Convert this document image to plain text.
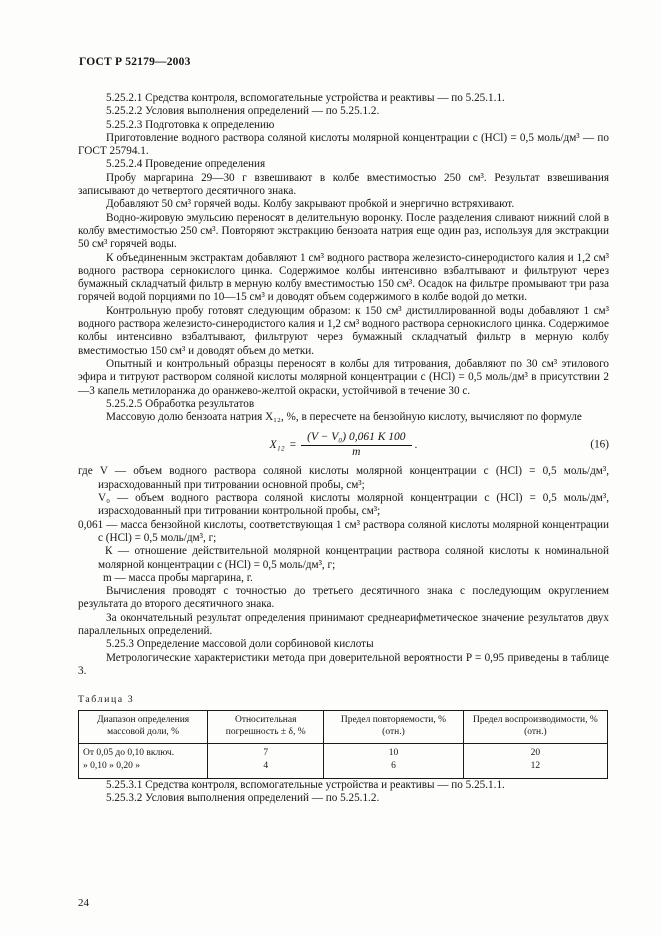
ГОСТ Р 52179—2003

5.25.2.1 Средства контроля, вспомогательные устройства и реактивы — по 5.25.1.1.

5.25.2.2 Условия выполнения определений — по 5.25.1.2.

5.25.2.3 Подготовка к определению

Приготовление водного раствора соляной кислоты молярной концентрации с (HCl) = 0,5 моль/дм³ — по ГОСТ 25794.1.

5.25.2.4 Проведение определения

Пробу маргарина 29—30 г взвешивают в колбе вместимостью 250 см³. Результат взвешивания записывают до четвертого десятичного знака.

Добавляют 50 см³ горячей воды. Колбу закрывают пробкой и энергично встряхивают.

Водно-жировую эмульсию переносят в делительную воронку. После разделения сливают нижний слой в колбу вместимостью 250 см³. Повторяют экстракцию бензоата натрия еще один раз, используя для экстракции 50 см³ горячей воды.

К объединенным экстрактам добавляют 1 см³ водного раствора железисто-синеродистого калия и 1,2 см³ водного раствора сернокислого цинка. Содержимое колбы интенсивно взбалтывают и фильтруют через бумажный складчатый фильтр в мерную колбу вместимостью 150 см³. Осадок на фильтре промывают три раза горячей водой порциями по 10—15 см³ и доводят объем содержимого в колбе водой до метки.

Контрольную пробу готовят следующим образом: к 150 см³ дистиллированной воды добавляют 1 см³ водного раствора железисто-синеродистого калия и 1,2 см³ водного раствора сернокислого цинка. Содержимое колбы интенсивно взбалтывают, фильтруют через бумажный складчатый фильтр в мерную колбу вместимостью 150 см³ и доводят объем до метки.

Опытный и контрольный образцы переносят в колбы для титрования, добавляют по 30 см³ этилового эфира и титруют раствором соляной кислоты молярной концентрации с (HCl) = 0,5 моль/дм³ в присутствии 2—3 капель метилоранжа до оранжево-желтой окраски, устойчивой в течение 30 с.

5.25.2.5 Обработка результатов

Массовую долю бензоата натрия X₁₂, %, в пересчете на бензойную кислоту, вычисляют по формуле

$X_{12} = \frac{\text{(V − V₀) 0,061 К 100}}{m}$ .	(16)

где V — объем водного раствора соляной кислоты молярной концентрации с (HCl) = 0,5 моль/дм³, израсходованный при титровании основной пробы, см³;

V₀ — объем водного раствора соляной кислоты молярной концентрации с (HCl) = 0,5 моль/дм³, израсходованный при титровании контрольной пробы, см³;

0,061 — масса бензойной кислоты, соответствующая 1 см³ раствора соляной кислоты молярной концентрации с (HCl) = 0,5 моль/дм³, г;

К — отношение действительной молярной концентрации раствора соляной кислоты к номинальной молярной концентрации с (HCl) = 0,5 моль/дм³, г;

m — масса пробы маргарина, г.

Вычисления проводят с точностью до третьего десятичного знака с последующим округлением результата до второго десятичного знака.

За окончательный результат определения принимают среднеарифметическое значение результатов двух параллельных определений.

5.25.3 Определение массовой доли сорбиновой кислоты

Метрологические характеристики метода при доверительной вероятности P = 0,95 приведены в таблице 3.

Таблица 3
Диапазон определения массовой доли, %	Относительная погрешность ± δ, %	Предел повторяемости, % (отн.)	Предел воспроизводимости, % (отн.)
От 0,05 до 0,10 включ.	7	10	20
» 0,10 » 0,20 »	4	6	12

5.25.3.1 Средства контроля, вспомогательные устройства и реактивы — по 5.25.1.1.

5.25.3.2 Условия выполнения определений — по 5.25.1.2.

24
